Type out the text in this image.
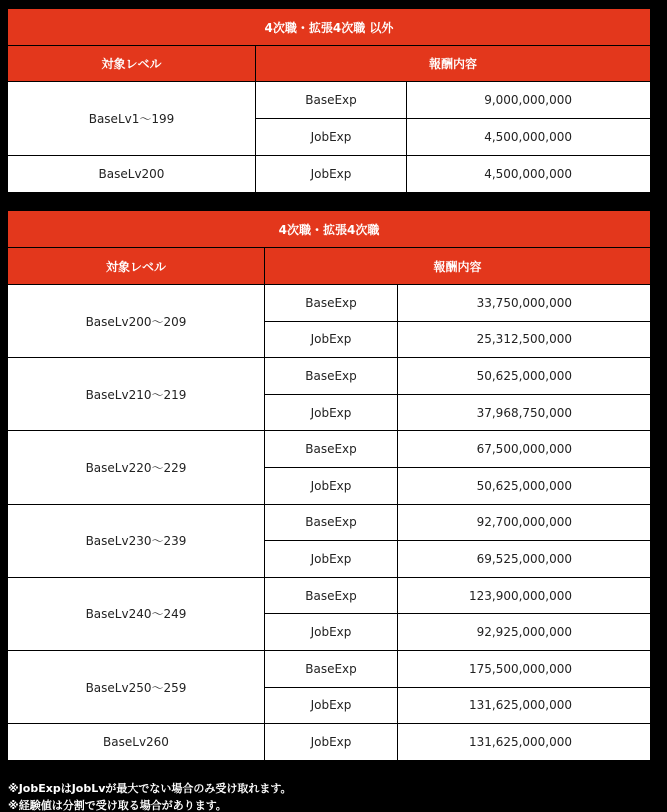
4次職・拡張4次職 以外		
対象レベル	報酬内容	
BaseLv1〜199	BaseExp	9,000,000,000
	JobExp	4,500,000,000
BaseLv200	JobExp	4,500,000,000
4次職・拡張4次職		
対象レベル	報酬内容	
BaseLv200〜209	BaseExp	33,750,000,000
	JobExp	25,312,500,000
BaseLv210〜219	BaseExp	50,625,000,000
	JobExp	37,968,750,000
BaseLv220〜229	BaseExp	67,500,000,000
	JobExp	50,625,000,000
BaseLv230〜239	BaseExp	92,700,000,000
	JobExp	69,525,000,000
BaseLv240〜249	BaseExp	123,900,000,000
	JobExp	92,925,000,000
BaseLv250〜259	BaseExp	175,500,000,000
	JobExp	131,625,000,000
BaseLv260	JobExp	131,625,000,000
※JobExpはJobLvが最大でない場合のみ受け取れます。
※経験値は分割で受け取る場合があります。
